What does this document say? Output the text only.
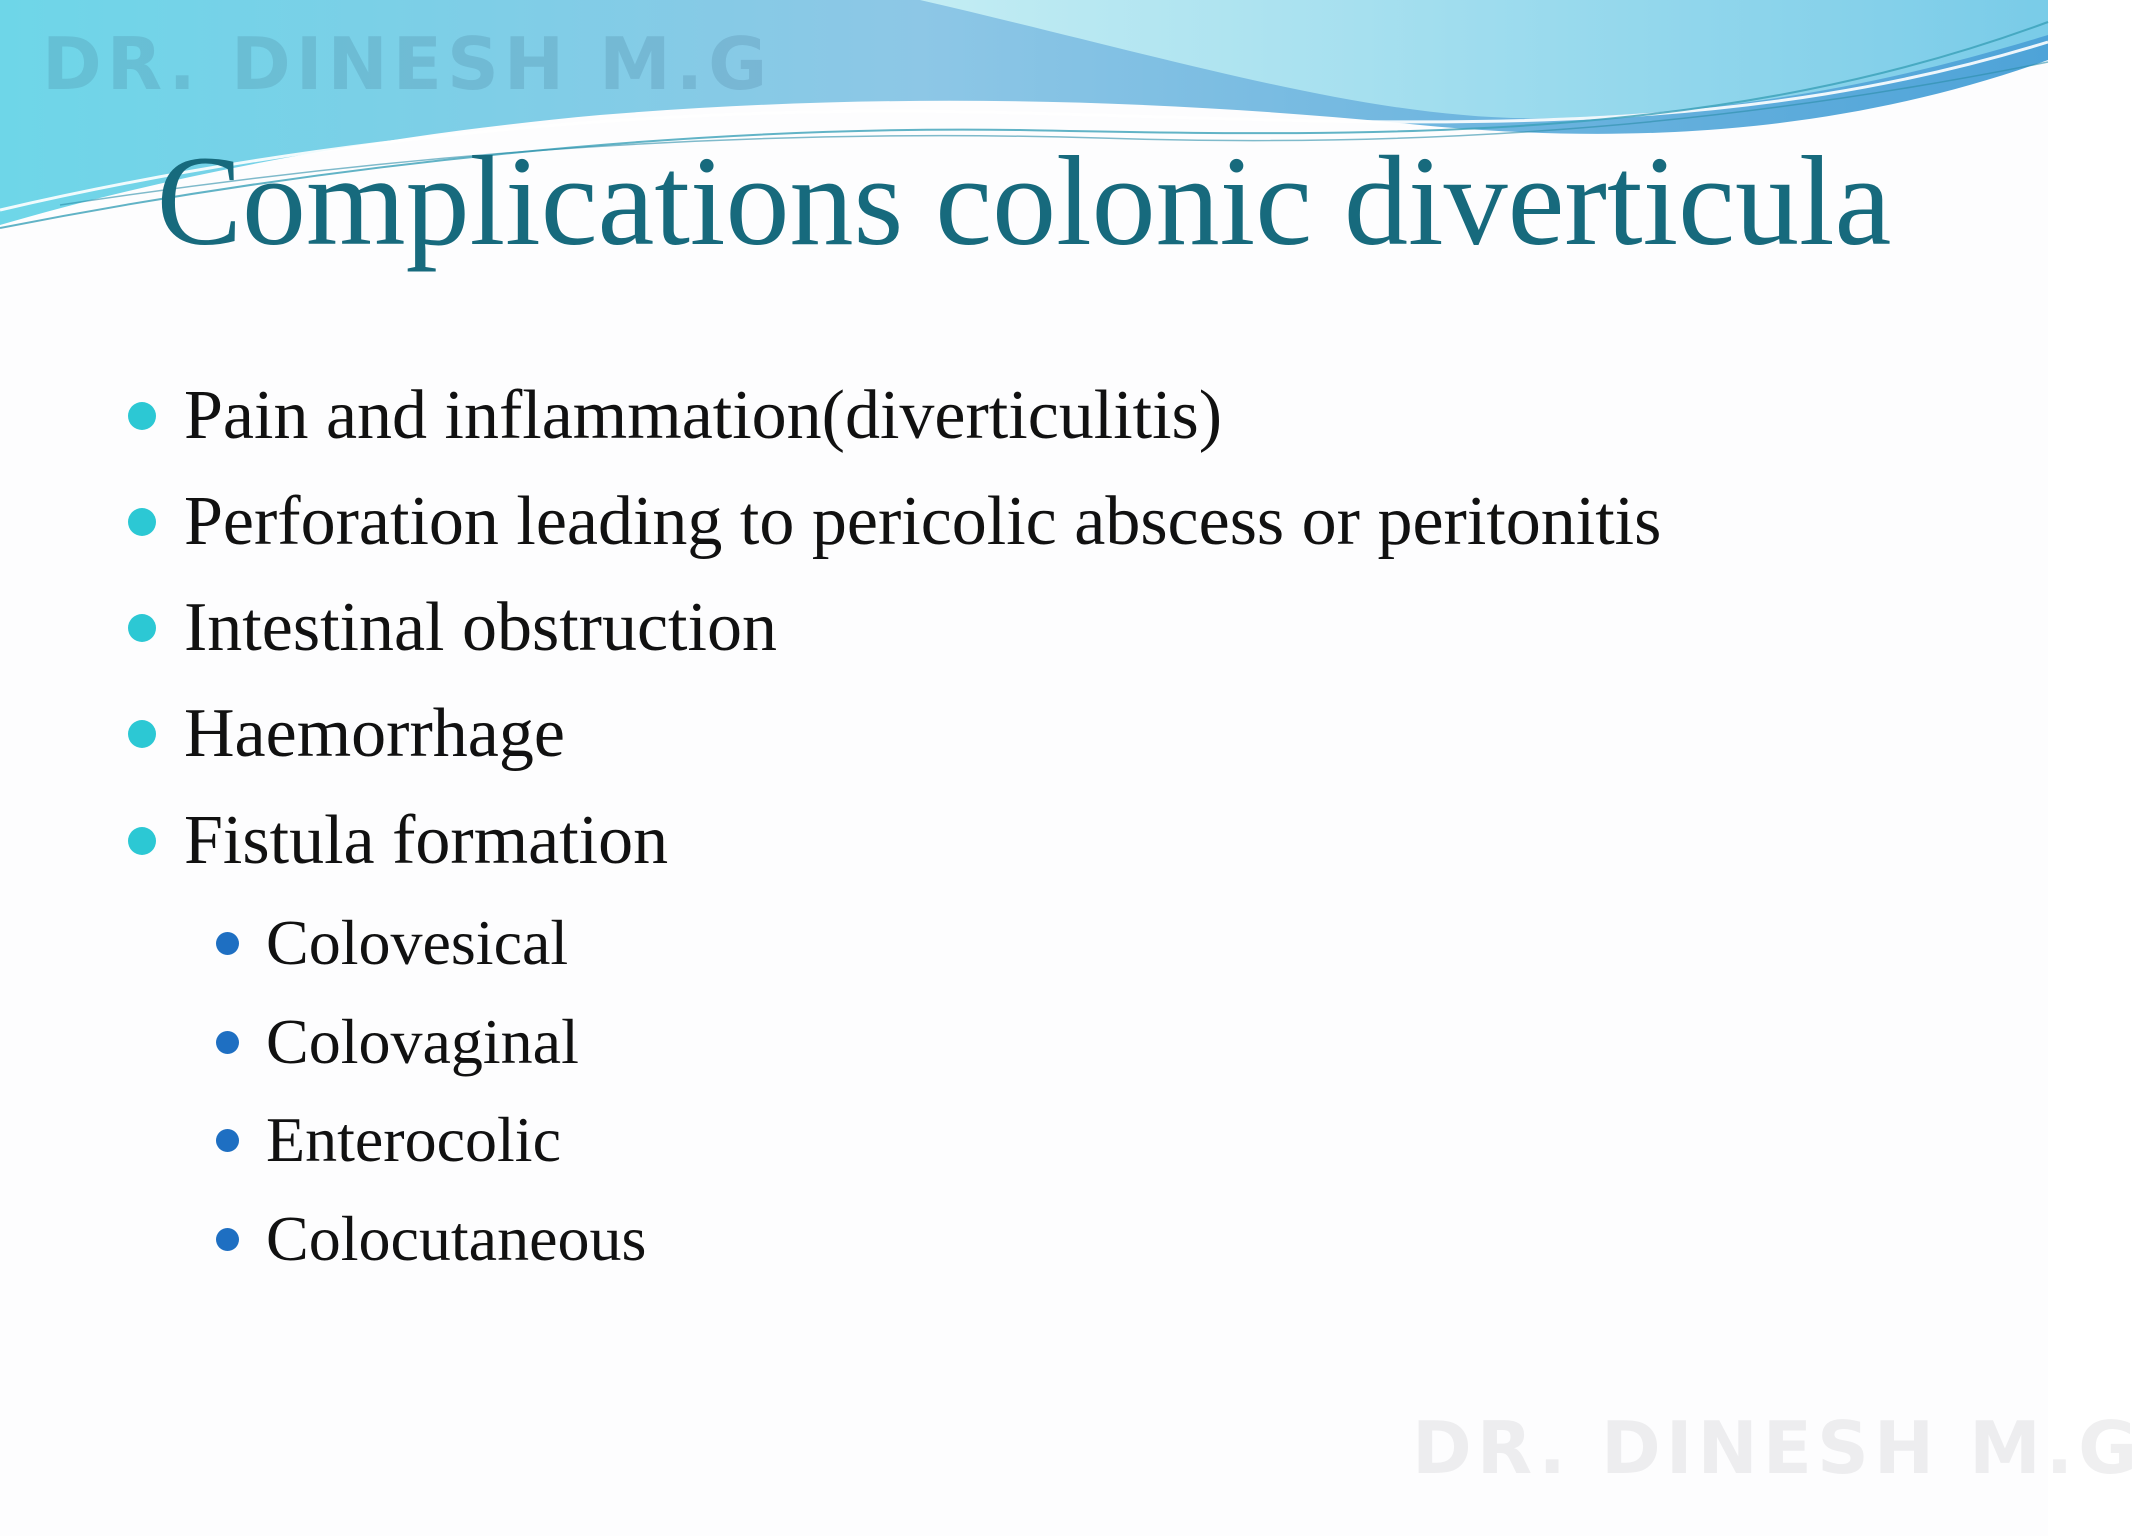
DR. DINESH M.G
Complications colonic diverticula
Pain and inflammation(diverticulitis)
Perforation leading to pericolic abscess or peritonitis
Intestinal obstruction
Haemorrhage
Fistula formation
Colovesical
Colovaginal
Enterocolic
Colocutaneous
DR. DINESH M.G
